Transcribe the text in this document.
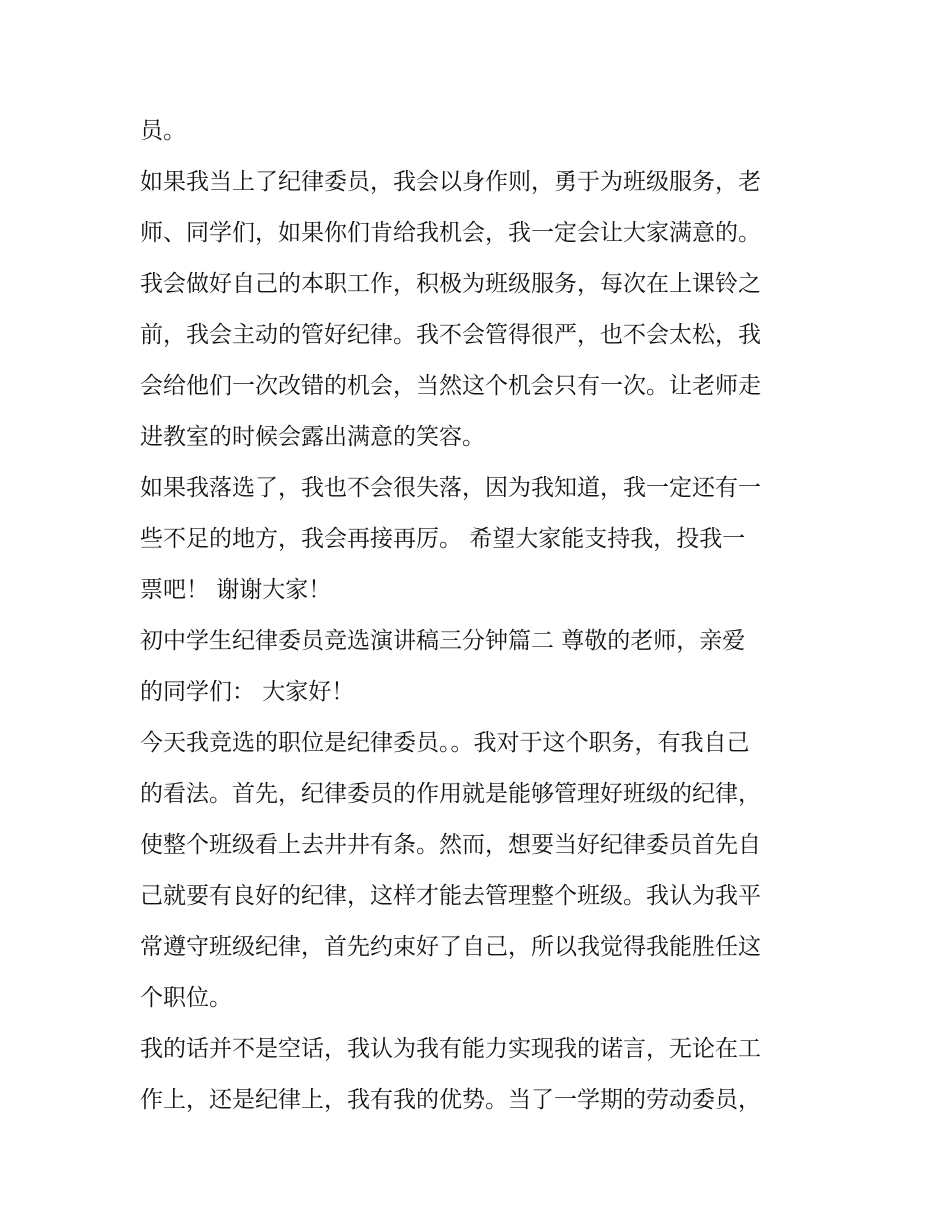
员。
如果我当上了纪律委员，我会以身作则，勇于为班级服务，老
师、同学们，如果你们肯给我机会，我一定会让大家满意的。
我会做好自己的本职工作，积极为班级服务，每次在上课铃之
前，我会主动的管好纪律。我不会管得很严，也不会太松，我
会给他们一次改错的机会，当然这个机会只有一次。让老师走
进教室的时候会露出满意的笑容。
如果我落选了，我也不会很失落，因为我知道，我一定还有一
些不足的地方，我会再接再厉。 希望大家能支持我，投我一
票吧！ 谢谢大家！
初中学生纪律委员竞选演讲稿三分钟篇二 尊敬的老师，亲爱
的同学们： 大家好！
今天我竞选的职位是纪律委员。。我对于这个职务，有我自己
的看法。首先，纪律委员的作用就是能够管理好班级的纪律，
使整个班级看上去井井有条。然而，想要当好纪律委员首先自
己就要有良好的纪律，这样才能去管理整个班级。我认为我平
常遵守班级纪律，首先约束好了自己，所以我觉得我能胜任这
个职位。
我的话并不是空话，我认为我有能力实现我的诺言，无论在工
作上，还是纪律上，我有我的优势。当了一学期的劳动委员，
